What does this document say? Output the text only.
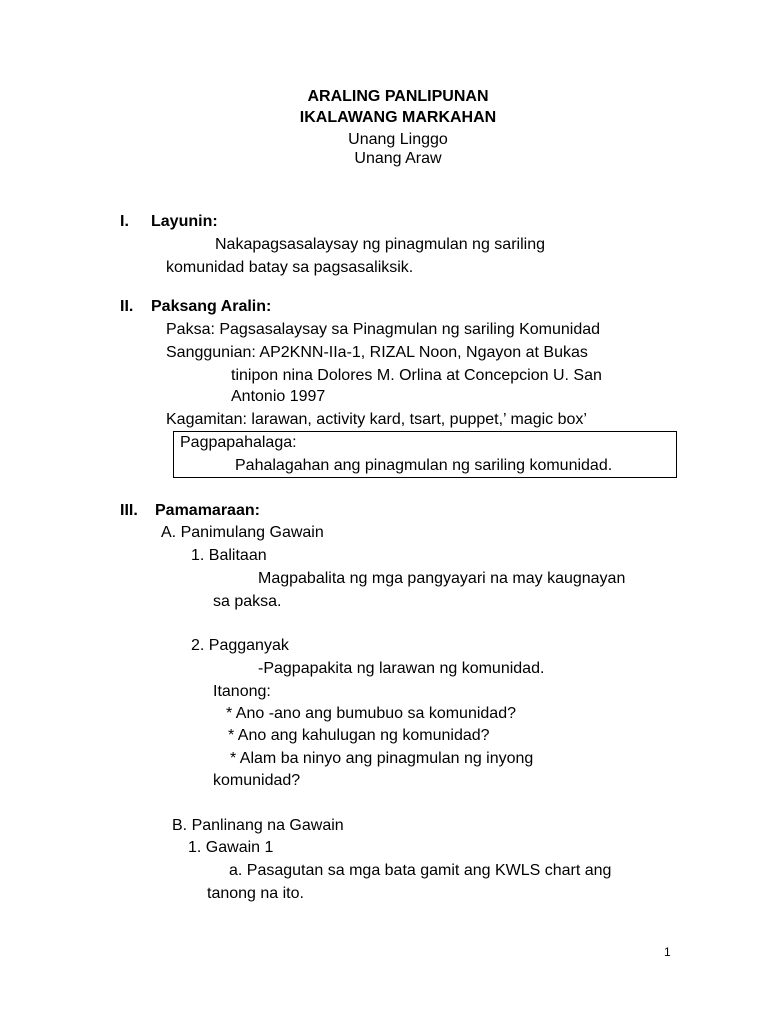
ARALING PANLIPUNAN
IKALAWANG MARKAHAN
Unang Linggo
Unang Araw
I. Layunin:
Nakapagsasalaysay ng pinagmulan ng sariling
komunidad batay sa pagsasaliksik.
II. Paksang Aralin:
Paksa: Pagsasalaysay sa Pinagmulan ng sariling Komunidad
Sanggunian: AP2KNN-IIa-1, RIZAL Noon, Ngayon at Bukas
tinipon nina Dolores M. Orlina at Concepcion U. San
Antonio 1997
Kagamitan: larawan, activity kard, tsart, puppet,’ magic box’
Pagpapahalaga:
Pahalagahan ang pinagmulan ng sariling komunidad.
III. Pamamaraan:
A. Panimulang Gawain
1. Balitaan
Magpabalita ng mga pangyayari na may kaugnayan
sa paksa.
2. Pagganyak
-Pagpapakita ng larawan ng komunidad.
Itanong:
* Ano -ano ang bumubuo sa komunidad?
* Ano ang kahulugan ng komunidad?
* Alam ba ninyo ang pinagmulan ng inyong
komunidad?
B. Panlinang na Gawain
1. Gawain 1
a. Pasagutan sa mga bata gamit ang KWLS chart ang
tanong na ito.
1
